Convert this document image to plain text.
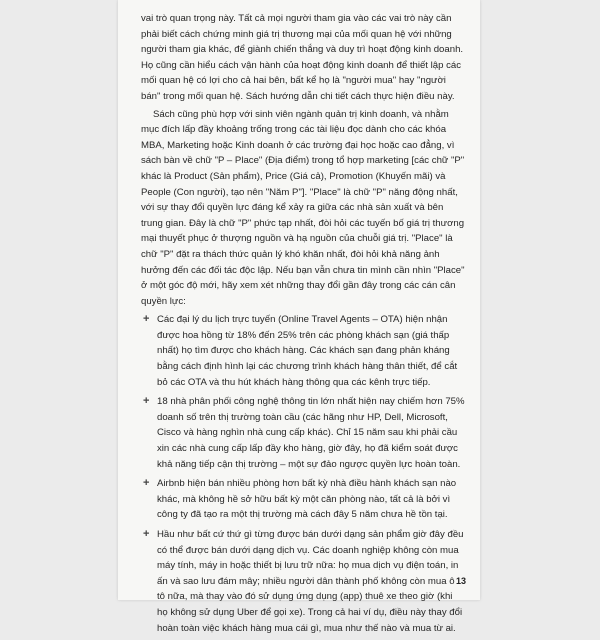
vai trò quan trọng này. Tất cả mọi người tham gia vào các vai trò này cần phải biết cách chứng minh giá trị thương mại của mối quan hệ với những người tham gia khác, để giành chiến thắng và duy trì hoạt động kinh doanh. Họ cũng cần hiểu cách vận hành của hoạt động kinh doanh để thiết lập các mối quan hệ có lợi cho cả hai bên, bất kể họ là "người mua" hay "người bán" trong mối quan hệ. Sách hướng dẫn chi tiết cách thực hiện điều này.

Sách cũng phù hợp với sinh viên ngành quản trị kinh doanh, và nhằm mục đích lấp đầy khoảng trống trong các tài liệu đọc dành cho các khóa MBA, Marketing hoặc Kinh doanh ở các trường đại học hoặc cao đẳng, vì sách bàn về chữ "P – Place" (Địa điểm) trong tổ hợp marketing [các chữ "P" khác là Product (Sản phẩm), Price (Giá cả), Promotion (Khuyến mãi) và People (Con người), tạo nên "Năm P"]. "Place" là chữ "P" năng động nhất, với sự thay đổi quyền lực đáng kể xảy ra giữa các nhà sản xuất và bên trung gian. Đây là chữ "P" phức tạp nhất, đòi hỏi các tuyến bố giá trị thương mại thuyết phục ở thượng nguồn và hạ nguồn của chuỗi giá trị. "Place" là chữ "P" đặt ra thách thức quản lý khó khăn nhất, đòi hỏi khả năng ảnh hưởng đến các đối tác độc lập. Nếu bạn vẫn chưa tin mình cần nhìn "Place" ở một góc độ mới, hãy xem xét những thay đổi gần đây trong các cán cân quyền lực:

+ Các đại lý du lịch trực tuyến (Online Travel Agents – OTA) hiện nhận được hoa hồng từ 18% đến 25% trên các phòng khách sạn (giá thấp nhất) họ tìm được cho khách hàng. Các khách sạn đang phản kháng bằng cách định hình lại các chương trình khách hàng thân thiết, để cắt bỏ các OTA và thu hút khách hàng thông qua các kênh trực tiếp.
+ 18 nhà phân phối công nghệ thông tin lớn nhất hiện nay chiếm hơn 75% doanh số trên thị trường toàn cầu (các hãng như HP, Dell, Microsoft, Cisco và hàng nghìn nhà cung cấp khác). Chỉ 15 năm sau khi phải cầu xin các nhà cung cấp lấp đầy kho hàng, giờ đây, họ đã kiểm soát được khả năng tiếp cận thị trường – một sự đảo ngược quyền lực hoàn toàn.
+ Airbnb hiện bán nhiều phòng hơn bất kỳ nhà điều hành khách sạn nào khác, mà không hề sở hữu bất kỳ một căn phòng nào, tất cả là bởi vì công ty đã tạo ra một thị trường mà cách đây 5 năm chưa hề tồn tại.
+ Hầu như bất cứ thứ gì từng được bán dưới dạng sản phẩm giờ đây đều có thể được bán dưới dạng dịch vụ. Các doanh nghiệp không còn mua máy tính, máy in hoặc thiết bị lưu trữ nữa: họ mua dịch vụ điện toán, in ấn và sao lưu đám mây; nhiều người dân thành phố không còn mua ô tô nữa, mà thay vào đó sử dụng ứng dụng (app) thuê xe theo giờ (khi họ không sử dụng Uber để gọi xe). Trong cả hai ví dụ, điều này thay đổi hoàn toàn việc khách hàng mua cái gì, mua như thế nào và mua từ ai.
13
